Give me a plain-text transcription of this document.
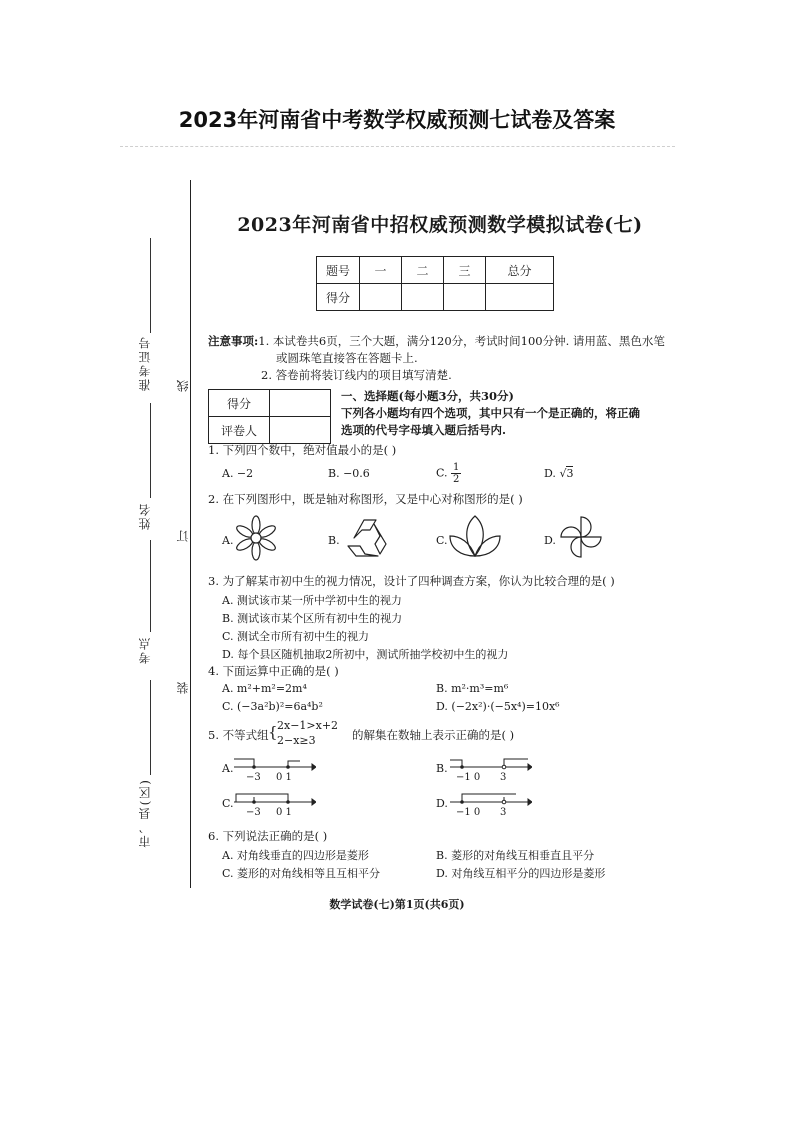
2023年河南省中考数学权威预测七试卷及答案
线
订
装
准考证号
姓名
考点
市、县(区)
2023年河南省中招权威预测数学模拟试卷(七)
题号	一	二	三	总分
得分				
注意事项:1. 本试卷共6页，三个大题，满分120分，考试时间100分钟. 请用蓝、黑色水笔
或圆珠笔直接答在答题卡上.
2. 答卷前将装订线内的项目填写清楚.
得分	
评卷人	
一、选择题(每小题3分，共30分)
下列各小题均有四个选项，其中只有一个是正确的，将正确
选项的代号字母填入题后括号内.
1. 下列四个数中，绝对值最小的是( )
A. −2	B. −0.6	C. $\frac{1}{2}$	D. √3
2. 在下列图形中，既是轴对称图形，又是中心对称图形的是( )
A.	B.	C.	D.
3. 为了解某市初中生的视力情况，设计了四种调查方案，你认为比较合理的是( )
A. 测试该市某一所中学初中生的视力
B. 测试该市某个区所有初中生的视力
C. 测试全市所有初中生的视力
D. 每个县区随机抽取2所初中，测试所抽学校初中生的视力
4. 下面运算中正确的是( )
A. m²+m²=2m⁴	B. m²·m³=m⁶
C. (−3a²b)²=6a⁴b²	D. (−2x²)·(−5x⁴)=10x⁶
5. 不等式组 { 2x−1>x+2
2−x≥3	的解集在数轴上表示正确的是( )
A.
−3 0 1
B.
−1 0 3
C.
−3 0 1
D.
−1 0 3
6. 下列说法正确的是( )
A. 对角线垂直的四边形是菱形	B. 菱形的对角线互相垂直且平分
C. 菱形的对角线相等且互相平分	D. 对角线互相平分的四边形是菱形
数学试卷(七)第1页(共6页)
